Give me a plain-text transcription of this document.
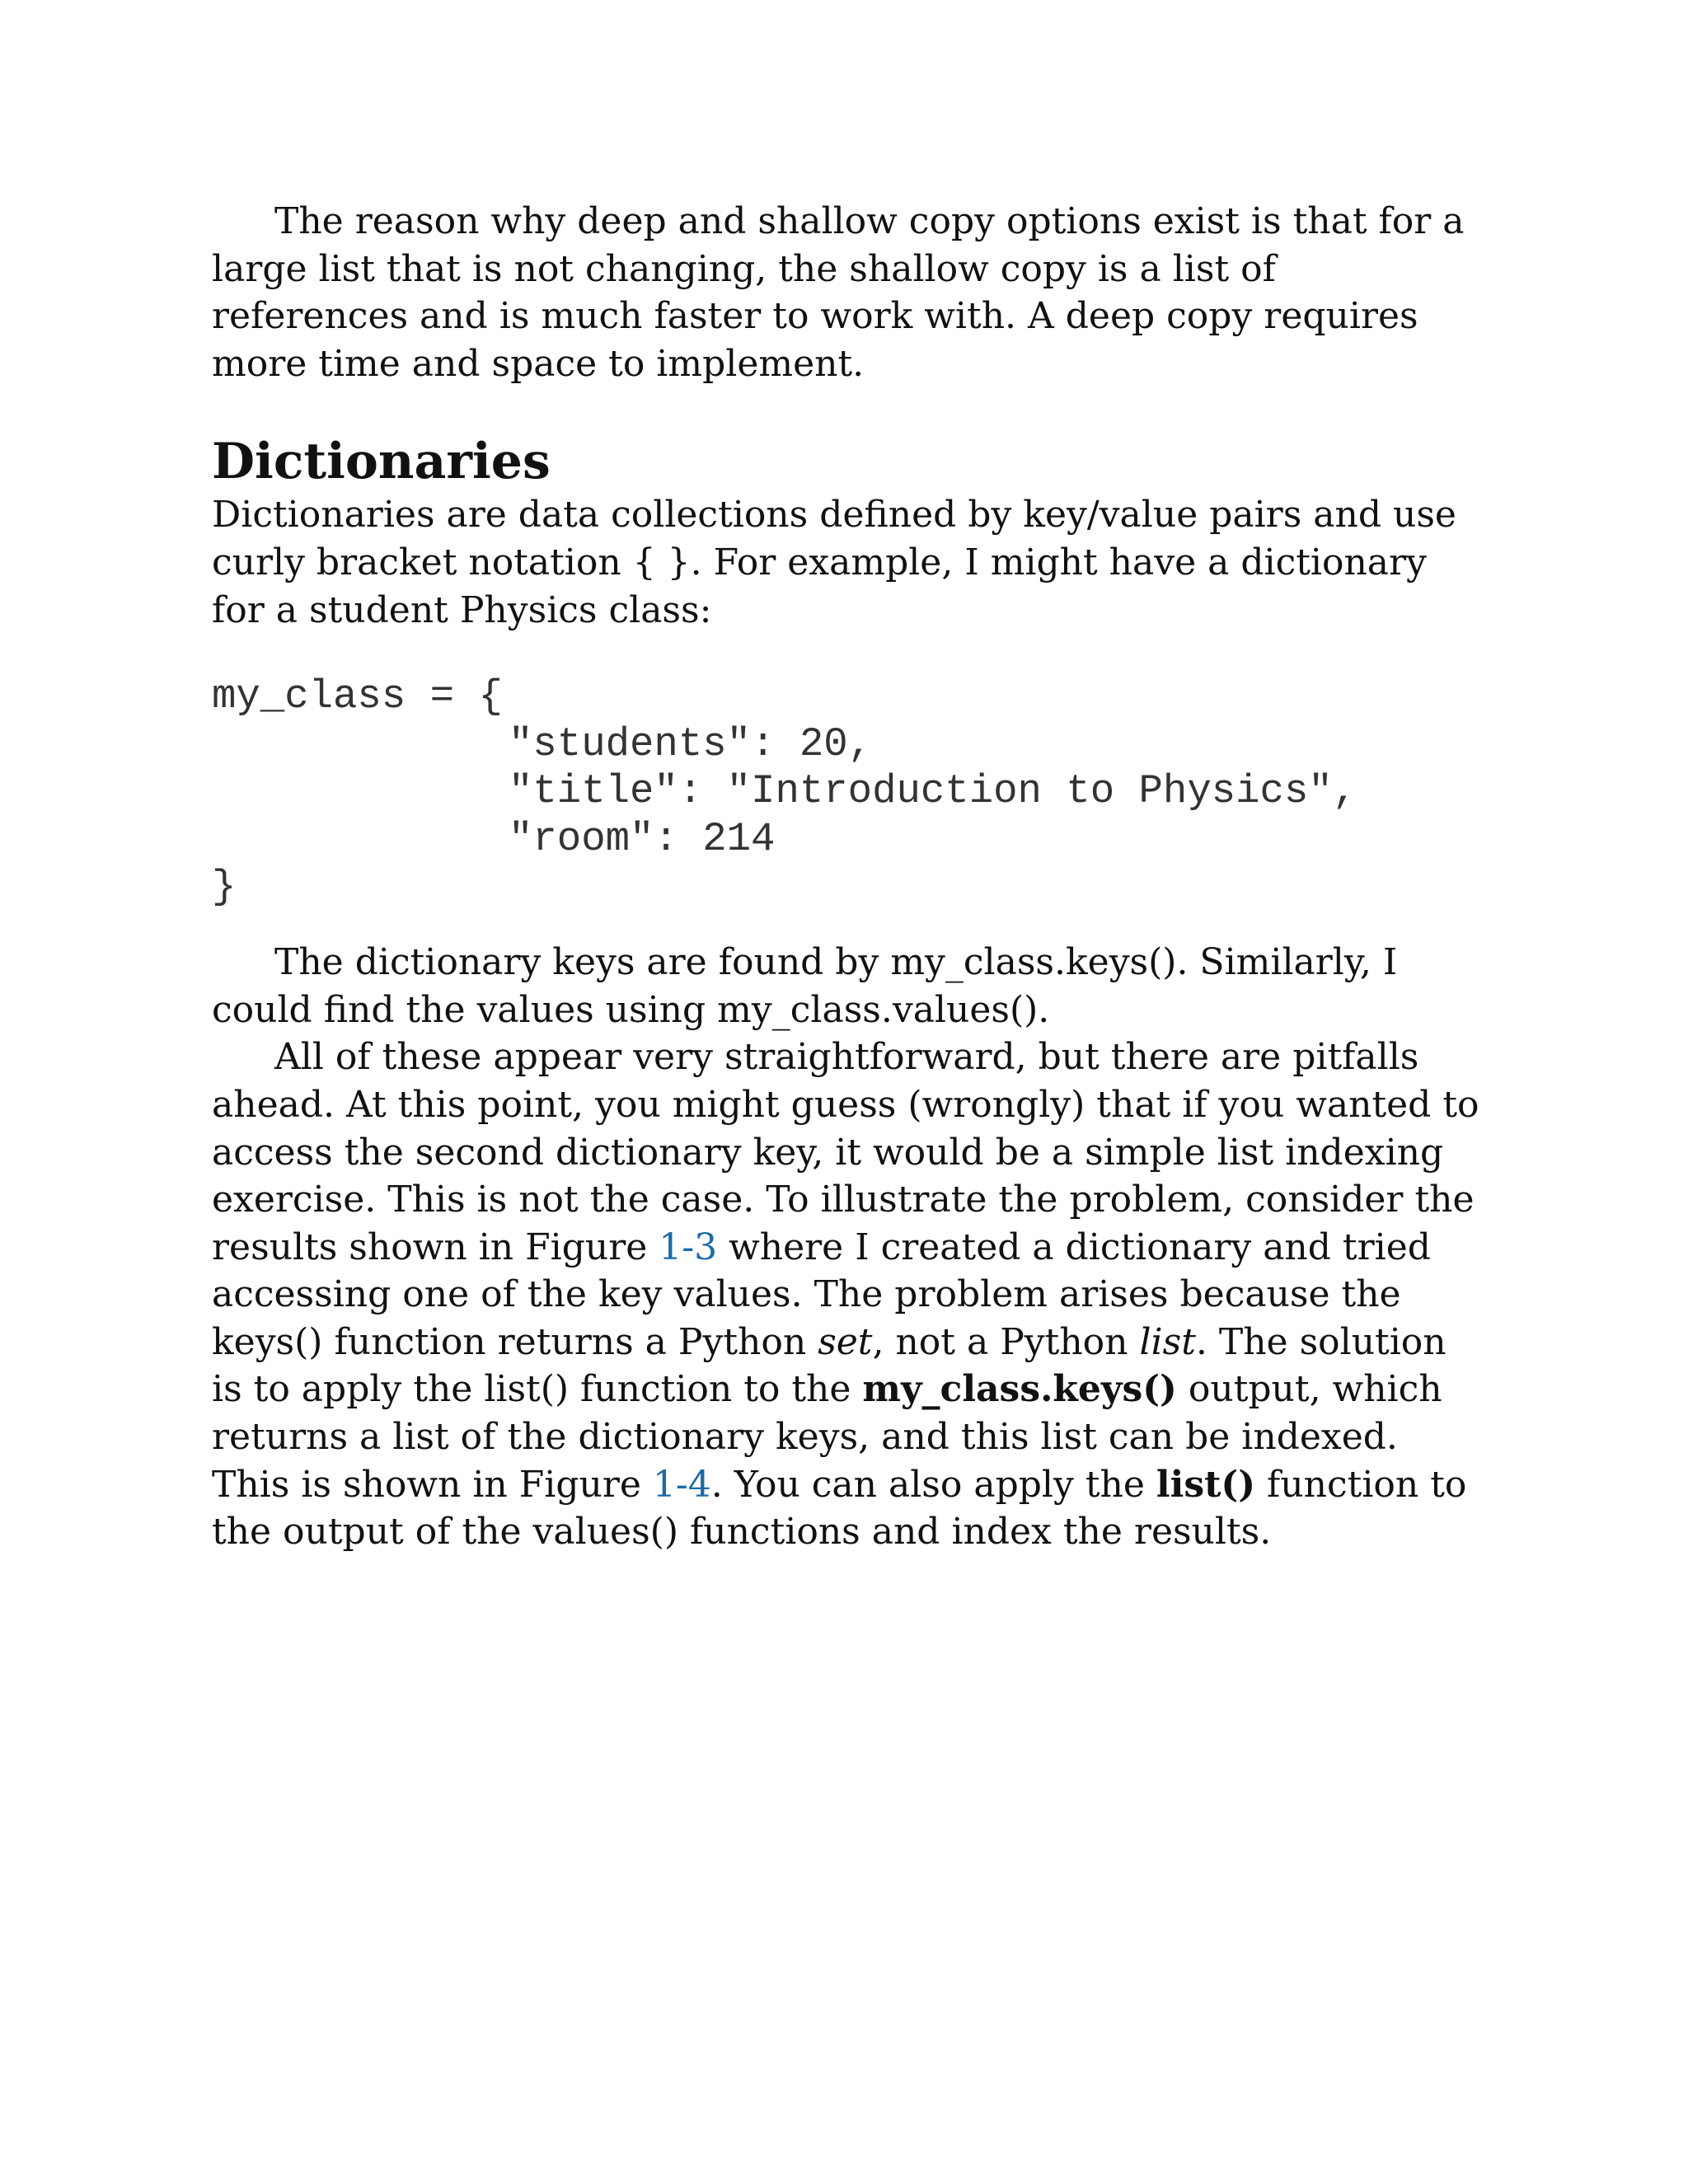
The reason why deep and shallow copy options exist is that for a large list that is not changing, the shallow copy is a list of references and is much faster to work with. A deep copy requires more time and space to implement.

Dictionaries

Dictionaries are data collections defined by key/value pairs and use curly bracket notation { }. For example, I might have a dictionary for a student Physics class:

my_class = {
"students": 20,
"title": "Introduction to Physics",
"room": 214
}

The dictionary keys are found by my_class.keys(). Similarly, I could find the values using my_class.values().

All of these appear very straightforward, but there are pitfalls ahead. At this point, you might guess (wrongly) that if you wanted to access the second dictionary key, it would be a simple list indexing exercise. This is not the case. To illustrate the problem, consider the results shown in Figure 1-3 where I created a dictionary and tried accessing one of the key values. The problem arises because the keys() function returns a Python set, not a Python list. The solution is to apply the list() function to the my_class.keys() output, which returns a list of the dictionary keys, and this list can be indexed. This is shown in Figure 1-4. You can also apply the list() function to the output of the values() functions and index the results.
